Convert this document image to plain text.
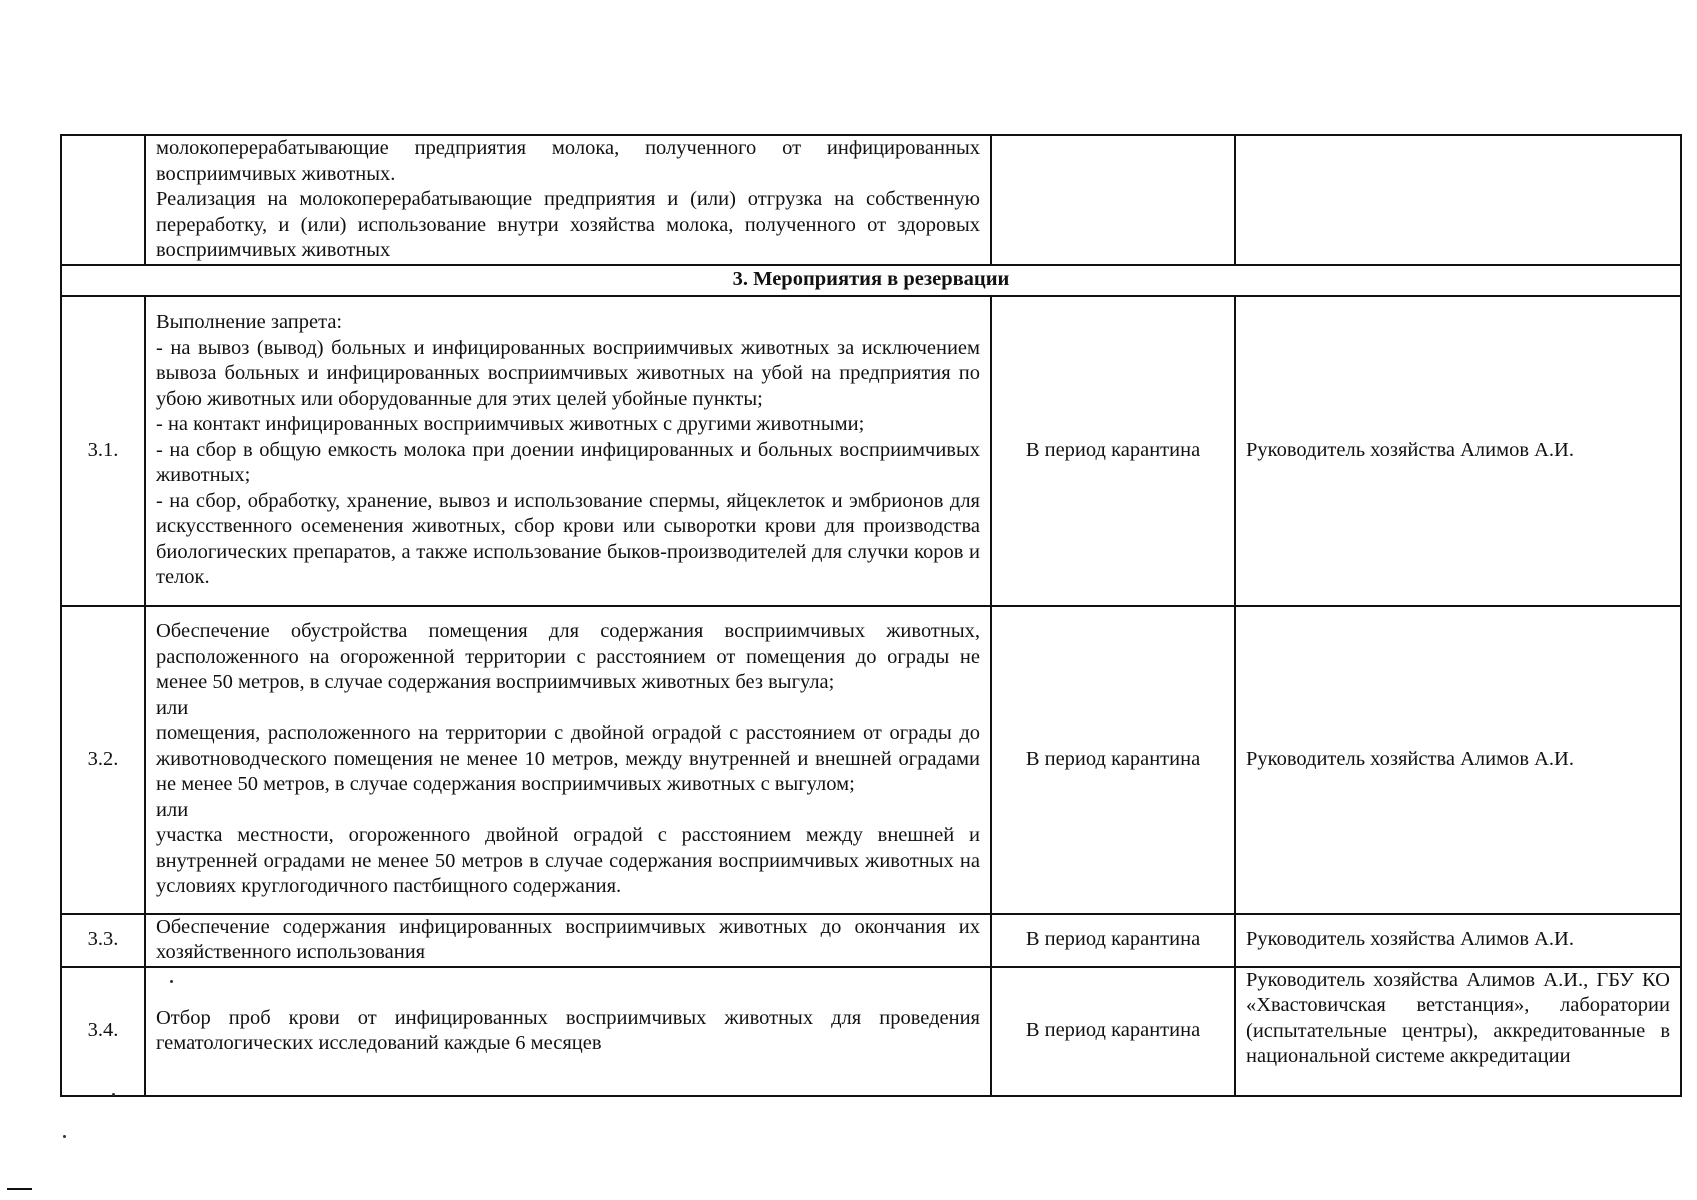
	молокоперерабатывающие предприятия молока, полученного от инфицированных восприимчивых животных.
Реализация на молокоперерабатывающие предприятия и (или) отгрузка на собственную переработку, и (или) использование внутри хозяйства молока, полученного от здоровых восприимчивых животных		

3. Мероприятия в резервации			
3.1.	Выполнение запрета:
- на вывоз (вывод) больных и инфицированных восприимчивых животных за исключением вывоза больных и инфицированных восприимчивых животных на убой на предприятия по убою животных или оборудованные для этих целей убойные пункты;
- на контакт инфицированных восприимчивых животных с другими животными;
- на сбор в общую емкость молока при доении инфицированных и больных восприимчивых животных;
- на сбор, обработку, хранение, вывоз и использование спермы, яйцеклеток и эмбрионов для искусственного осеменения животных, сбор крови или сыворотки крови для производства биологических препаратов, а также использование быков-производителей для случки коров и телок.	В период карантина	Руководитель хозяйства Алимов А.И.
3.2.	Обеспечение обустройства помещения для содержания восприимчивых животных, расположенного на огороженной территории с расстоянием от помещения до ограды не менее 50 метров, в случае содержания восприимчивых животных без выгула;
или
помещения, расположенного на территории с двойной оградой с расстоянием от ограды до животноводческого помещения не менее 10 метров, между внутренней и внешней оградами не менее 50 метров, в случае содержания восприимчивых животных с выгулом;
или
участка местности, огороженного двойной оградой с расстоянием между внешней и внутренней оградами не менее 50 метров в случае содержания восприимчивых животных на условиях круглогодичного пастбищного содержания.	В период карантина	Руководитель хозяйства Алимов А.И.
3.3.	Обеспечение содержания инфицированных восприимчивых животных до окончания их хозяйственного использования	В период карантина	Руководитель хозяйства Алимов А.И.
3.4.	Отбор проб крови от инфицированных восприимчивых животных для проведения гематологических исследований каждые 6 месяцев	В период карантина	Руководитель хозяйства Алимов А.И., ГБУ КО «Хвастовичская ветстанция», лаборатории (испытательные центры), аккредитованные в национальной системе аккредитации
